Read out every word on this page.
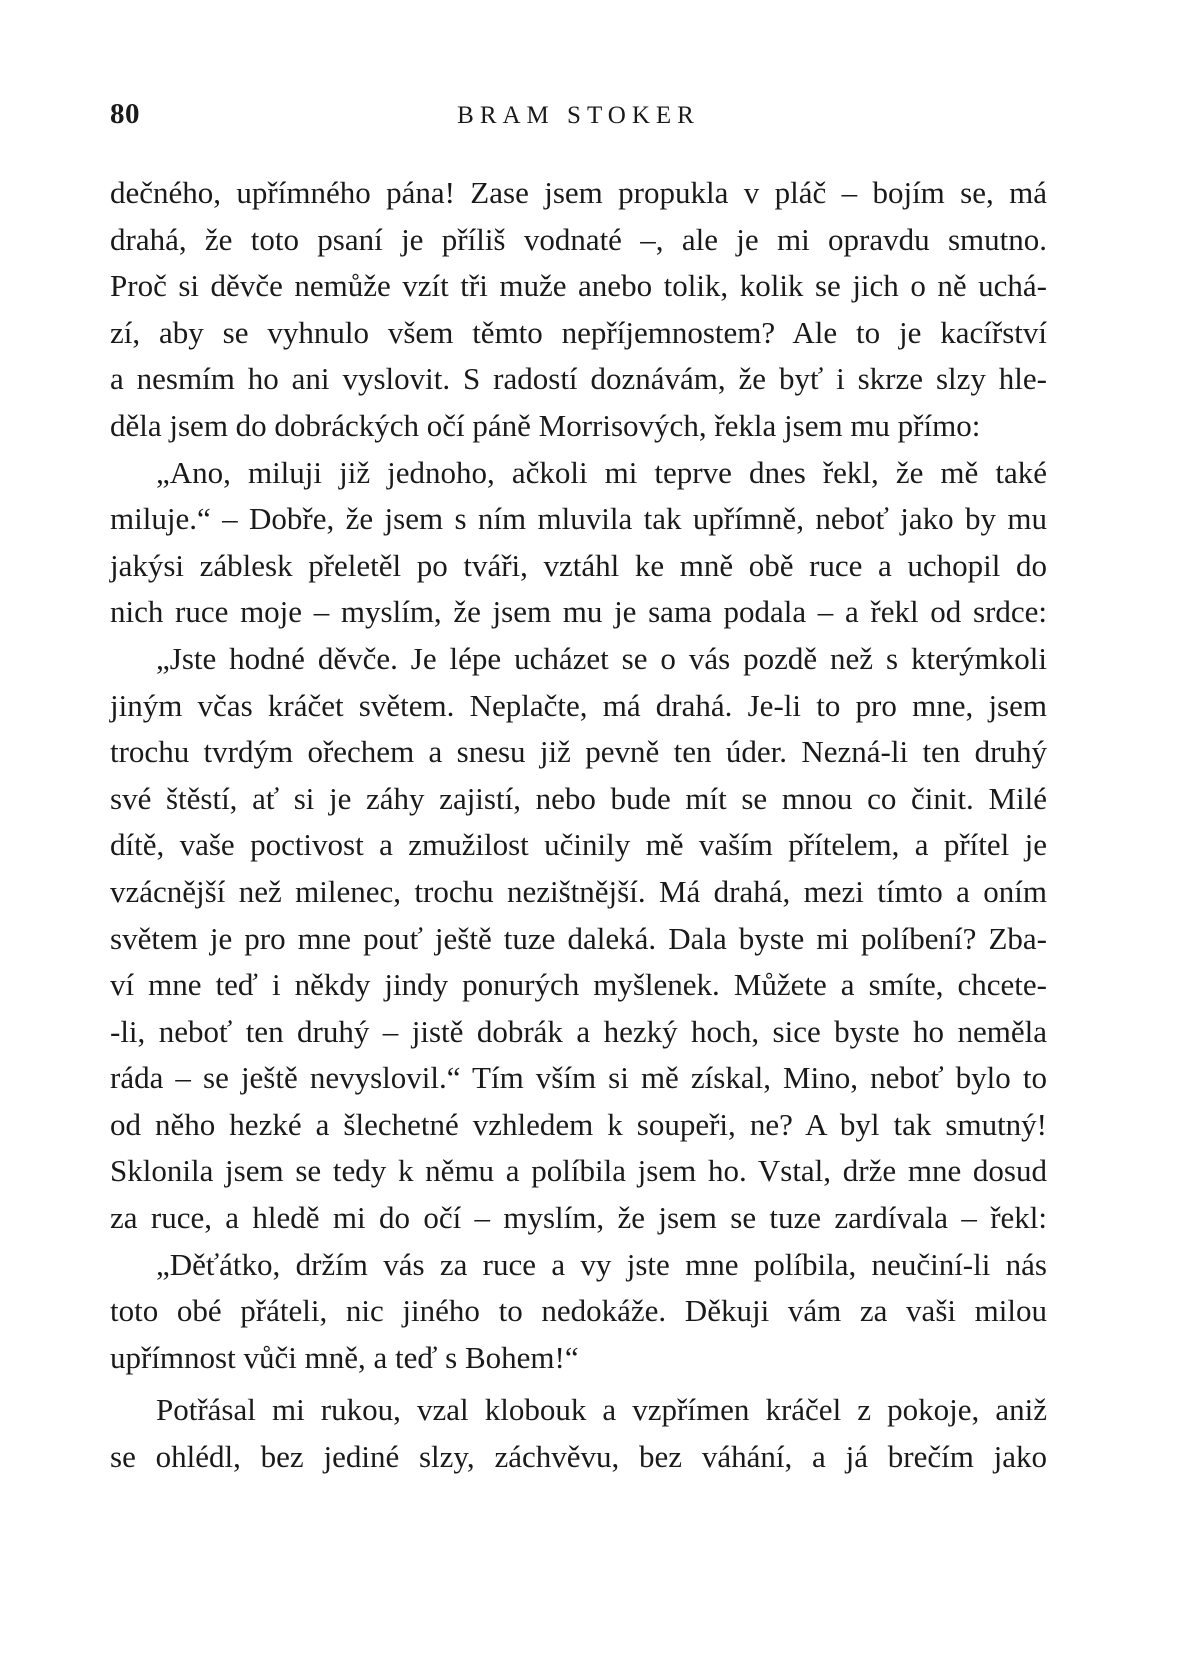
80	BRAM STOKER
dečného, upřímného pána! Zase jsem propukla v pláč – bojím se, má
drahá, že toto psaní je příliš vodnaté –, ale je mi opravdu smutno.
Proč si děvče nemůže vzít tři muže anebo tolik, kolik se jich o ně uchá-
zí, aby se vyhnulo všem těmto nepříjemnostem? Ale to je kacířství
a nesmím ho ani vyslovit. S radostí doznávám, že byť i skrze slzy hle-
děla jsem do dobráckých očí páně Morrisových, řekla jsem mu přímo:
„Ano, miluji již jednoho, ačkoli mi teprve dnes řekl, že mě také
miluje.“ – Dobře, že jsem s ním mluvila tak upřímně, neboť jako by mu
jakýsi záblesk přeletěl po tváři, vztáhl ke mně obě ruce a uchopil do
nich ruce moje – myslím, že jsem mu je sama podala – a řekl od srdce:
„Jste hodné děvče. Je lépe ucházet se o vás pozdě než s kterýmkoli
jiným včas kráčet světem. Neplačte, má drahá. Je-li to pro mne, jsem
trochu tvrdým ořechem a snesu již pevně ten úder. Nezná-li ten druhý
své štěstí, ať si je záhy zajistí, nebo bude mít se mnou co činit. Milé
dítě, vaše poctivost a zmužilost učinily mě vaším přítelem, a přítel je
vzácnější než milenec, trochu nezištnější. Má drahá, mezi tímto a oním
světem je pro mne pouť ještě tuze daleká. Dala byste mi políbení? Zba-
ví mne teď i někdy jindy ponurých myšlenek. Můžete a smíte, chcete-
-li, neboť ten druhý – jistě dobrák a hezký hoch, sice byste ho neměla
ráda – se ještě nevyslovil.“ Tím vším si mě získal, Mino, neboť bylo to
od něho hezké a šlechetné vzhledem k soupeři, ne? A byl tak smutný!
Sklonila jsem se tedy k němu a políbila jsem ho. Vstal, drže mne dosud
za ruce, a hledě mi do očí – myslím, že jsem se tuze zardívala – řekl:
„Děťátko, držím vás za ruce a vy jste mne políbila, neučiní-li nás
toto obé přáteli, nic jiného to nedokáže. Děkuji vám za vaši milou
upřímnost vůči mně, a teď s Bohem!“
Potřásal mi rukou, vzal klobouk a vzpřímen kráčel z pokoje, aniž
se ohlédl, bez jediné slzy, záchvěvu, bez váhání, a já brečím jako
